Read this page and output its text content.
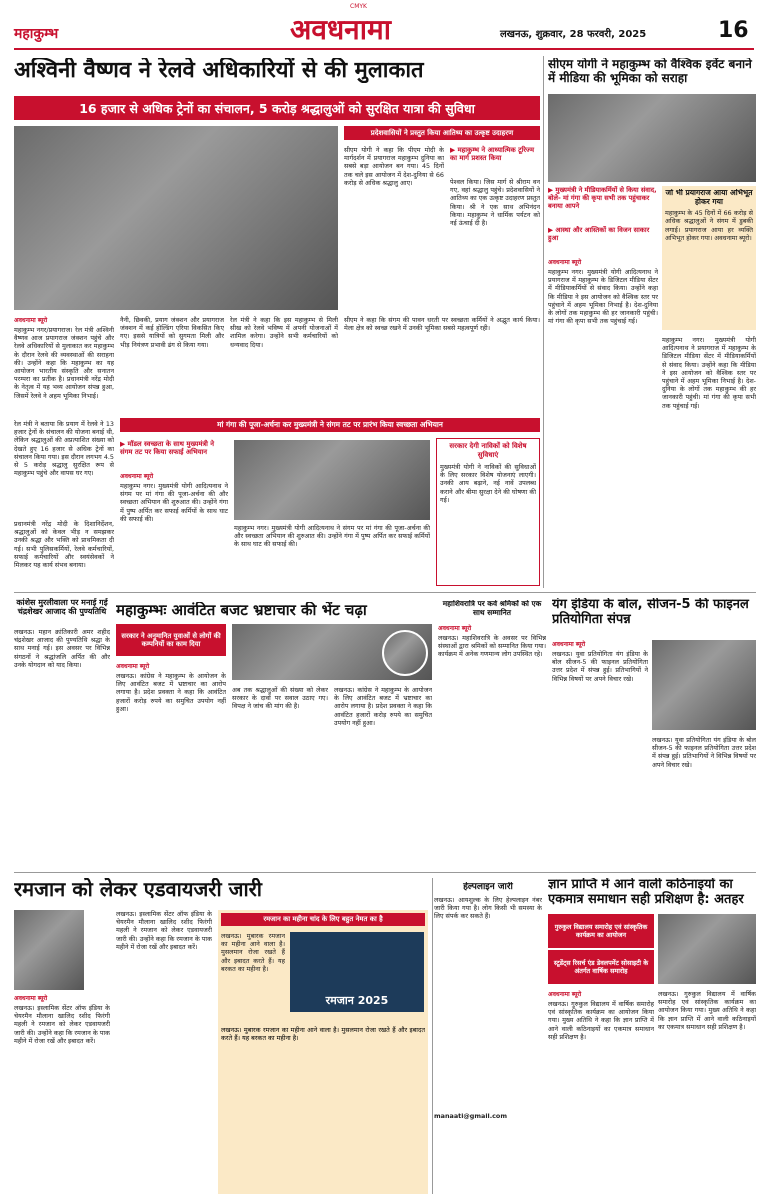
CMYK
महाकुम्भ	अवधनामा	लखनऊ, शुक्रवार, 28 फरवरी, 2025	16
अश्विनी वैष्णव ने रेलवे अधिकारियों से की मुलाकात
16 हजार से अधिक ट्रेनों का संचालन, 5 करोड़ श्रद्धालुओं को सुरक्षित यात्रा की सुविधा
अवधनामा ब्यूरो
प्रदेशवासियों ने प्रस्तुत किया आतिथ्य का उत्कृष्ट उदाहरण
सीएम योगी ने कहा कि पीएम मोदी के मार्गदर्शन में प्रयागराज महाकुम्भ दुनिया का सबसे बड़ा आयोजन बन गया। 45 दिनों तक चले इस आयोजन में देश-दुनिया से 66 करोड़ से अधिक श्रद्धालु आए।
▶ महाकुम्भ ने आध्यात्मिक टूरिज्म का मार्ग प्रशस्त किया
पेश्वल किया। जिस मार्ग से श्रीराम वन गए, वहां श्रद्धालु पहुंचे। प्रदेशवासियों ने आतिथ्य का एक उत्कृष्ट उदाहरण प्रस्तुत किया। श्री ने एक साथ अभिनंदन किया। महाकुम्भ ने धार्मिक पर्यटन को नई ऊंचाई दी है।
महाकुम्भ नगर/प्रयागराज। रेल मंत्री अश्विनी वैष्णव आज प्रयागराज जंक्शन पहुंचे और रेलवे अधिकारियों से मुलाकात कर महाकुम्भ के दौरान रेलवे की व्यवस्थाओं की सराहना की। उन्होंने कहा कि महाकुम्भ का यह आयोजन भारतीय संस्कृति और सनातन परम्परा का प्रतीक है। प्रधानमंत्री नरेंद्र मोदी के नेतृत्व में यह भव्य आयोजन संपन्न हुआ, जिसमें रेलवे ने अहम भूमिका निभाई।
रेल मंत्री ने बताया कि प्रयाग में रेलवे ने 13 हजार ट्रेनों के संचालन की योजना बनाई थी, लेकिन श्रद्धालुओं की अप्रत्याशित संख्या को देखते हुए 16 हजार से अधिक ट्रेनों का संचालन किया गया। इस दौरान लगभग 4.5 से 5 करोड़ श्रद्धालु सुरक्षित रूप से महाकुम्भ पहुंचे और वापस घर गए।
प्रधानमंत्री नरेंद्र मोदी के दिशानिर्देशन, श्रद्धालुओं को केवल भीड़ न समझकर उनकी श्रद्धा और भक्ति को प्राथमिकता दी गई। सभी पुलिसकर्मियों, रेलवे कर्मचारियों, सफाई कर्मचारियों और स्वयंसेवकों ने मिलकर यह कार्य संभव बनाया।
नैनी, छिवकी, प्रयाग जंक्शन और प्रयागराज जंक्शन में कई होल्डिंग एरिया विकसित किए गए। इससे यात्रियों को सुगमता मिली और भीड़ नियंत्रण प्रभावी ढंग से किया गया।
रेल मंत्री ने कहा कि इस महाकुम्भ से मिली सीख को रेलवे भविष्य में अपनी योजनाओं में शामिल करेगा। उन्होंने सभी कर्मचारियों को धन्यवाद दिया।
सीएम ने कहा कि संगम की पावन धरती पर स्वच्छता कर्मियों ने अद्भुत कार्य किया। मेला क्षेत्र को स्वच्छ रखने में उनकी भूमिका सबसे महत्वपूर्ण रही।
मां गंगा की पूजा-अर्चना कर मुख्यमंत्री ने संगम तट पर प्रारंभ किया स्वच्छता अभियान
▶ मॉडल स्वच्छता के साथ मुख्यमंत्री ने संगम तट पर किया सफाई अभियान
अवधनामा ब्यूरो
महाकुम्भ नगर। मुख्यमंत्री योगी आदित्यनाथ ने संगम पर मां गंगा की पूजा-अर्चना की और स्वच्छता अभियान की शुरुआत की। उन्होंने गंगा में पुष्प अर्पित कर सफाई कर्मियों के साथ घाट की सफाई की।
महाकुम्भ नगर। मुख्यमंत्री योगी आदित्यनाथ ने संगम पर मां गंगा की पूजा-अर्चना की और स्वच्छता अभियान की शुरुआत की। उन्होंने गंगा में पुष्प अर्पित कर सफाई कर्मियों के साथ घाट की सफाई की।
सरकार देगी नाविकों को विशेष सुविधाएं
मुख्यमंत्री योगी ने नाविकों की सुविधाओं के लिए सरकार विशेष योजनाएं लाएगी। उनकी आय बढ़ाने, नई नावें उपलब्ध कराने और बीमा सुरक्षा देने की घोषणा की गई।
सीएम योगी ने महाकुम्भ को वैश्विक इवेंट बनाने में मीडिया की भूमिका को सराहा
▶ मुख्यमंत्री ने मीडियाकर्मियों से किया संवाद, बोले- मां गंगा की कृपा सभी तक पहुंचाकर बनाया आपने
▶ आस्था और आस्तिकों का विजन साकार हुआ
जो भी प्रयागराज आया अभिभूत होकर गया
महाकुम्भ के 45 दिनों में 66 करोड़ से अधिक श्रद्धालुओं ने संगम में डुबकी लगाई। प्रयागराज आया हर व्यक्ति अभिभूत होकर गया। अवधनामा ब्यूरो।
अवधनामा ब्यूरो
महाकुम्भ नगर। मुख्यमंत्री योगी आदित्यनाथ ने प्रयागराज में महाकुम्भ के डिजिटल मीडिया सेंटर में मीडियाकर्मियों से संवाद किया। उन्होंने कहा कि मीडिया ने इस आयोजन को वैश्विक स्तर पर पहुंचाने में अहम भूमिका निभाई है। देश-दुनिया के लोगों तक महाकुम्भ की हर जानकारी पहुंची। मां गंगा की कृपा सभी तक पहुंचाई गई।
महाकुम्भ नगर। मुख्यमंत्री योगी आदित्यनाथ ने प्रयागराज में महाकुम्भ के डिजिटल मीडिया सेंटर में मीडियाकर्मियों से संवाद किया। उन्होंने कहा कि मीडिया ने इस आयोजन को वैश्विक स्तर पर पहुंचाने में अहम भूमिका निभाई है। देश-दुनिया के लोगों तक महाकुम्भ की हर जानकारी पहुंची। मां गंगा की कृपा सभी तक पहुंचाई गई।
कांशेस मुरलीवाला पर मनाई गई चंद्रशेखर आजाद की पुण्यतिथि
लखनऊ। महान क्रांतिकारी अमर शहीद चंद्रशेखर आजाद की पुण्यतिथि श्रद्धा के साथ मनाई गई। इस अवसर पर विभिन्न संगठनों ने श्रद्धांजलि अर्पित की और उनके योगदान को याद किया।
महाकुम्भः आवंटित बजट भ्रष्टाचार की भेंट चढ़ा
सरकार ने अनुमानित युवाओं से लोगों की कम्पनियों का काम दिया
अवधनामा ब्यूरो
लखनऊ। कांग्रेस ने महाकुम्भ के आयोजन के लिए आवंटित बजट में भ्रष्टाचार का आरोप लगाया है। प्रदेश प्रवक्ता ने कहा कि आवंटित हजारों करोड़ रुपये का समुचित उपयोग नहीं हुआ।
अब तक श्रद्धालुओं की संख्या को लेकर सरकार के दावों पर सवाल उठाए गए। विपक्ष ने जांच की मांग की है।
लखनऊ। कांग्रेस ने महाकुम्भ के आयोजन के लिए आवंटित बजट में भ्रष्टाचार का आरोप लगाया है। प्रदेश प्रवक्ता ने कहा कि आवंटित हजारों करोड़ रुपये का समुचित उपयोग नहीं हुआ।
महाशिवरात्रि पर कर्व श्रमिकों को एक साथ सम्मानित
अवधनामा ब्यूरो
लखनऊ। महाशिवरात्रि के अवसर पर विभिन्न संस्थाओं द्वारा श्रमिकों को सम्मानित किया गया। कार्यक्रम में अनेक गणमान्य लोग उपस्थित रहे।
यंग इंडिया के बोल, सीजन-5 की फाइनल प्रतियोगिता संपन्न
अवधनामा ब्यूरो
लखनऊ। युवा प्रतियोगिता यंग इंडिया के बोल सीजन-5 की फाइनल प्रतियोगिता उत्तर प्रदेश में संपन्न हुई। प्रतिभागियों ने विभिन्न विषयों पर अपने विचार रखे।
लखनऊ। युवा प्रतियोगिता यंग इंडिया के बोल सीजन-5 की फाइनल प्रतियोगिता उत्तर प्रदेश में संपन्न हुई। प्रतिभागियों ने विभिन्न विषयों पर अपने विचार रखे।
रमजान को लेकर एडवायजरी जारी
अवधनामा ब्यूरो
लखनऊ। इस्लामिक सेंटर ऑफ इंडिया के चेयरमैन मौलाना खालिद रशीद फिरंगी महली ने रमजान को लेकर एडवायजरी जारी की। उन्होंने कहा कि रमजान के पाक महीने में रोजा रखें और इबादत करें।
लखनऊ। इस्लामिक सेंटर ऑफ इंडिया के चेयरमैन मौलाना खालिद रशीद फिरंगी महली ने रमजान को लेकर एडवायजरी जारी की। उन्होंने कहा कि रमजान के पाक महीने में रोजा रखें और इबादत करें।
रमजान का महीना चांद के लिए बहुत नेमत का है
लखनऊ। मुबारक रमजान का महीना आने वाला है। मुसलमान रोजा रखते हैं और इबादत करते हैं। यह बरकत का महीना है।
रमजान 2025
लखनऊ। मुबारक रमजान का महीना आने वाला है। मुसलमान रोजा रखते हैं और इबादत करते हैं। यह बरकत का महीना है।
हेल्पलाइन जारी
लखनऊ। आयशुल्क के लिए हेल्पलाइन नंबर जारी किया गया है। लोग किसी भी समस्या के लिए संपर्क कर सकते हैं।
manaati@gmail.com
ज्ञान प्राप्ति में आने वाली कठिनाइयों का एकमात्र समाधान सही प्रशिक्षण है: अतहर
गुरुकुल विद्यालय समारोह एवं सांस्कृतिक कार्यक्रम का आयोजन
स्टूडेंट्स रिसर्च एंड डेवलपमेंट सोसाइटी के अंतर्गत वार्षिक समारोह
अवधनामा ब्यूरो
लखनऊ। गुरुकुल विद्यालय में वार्षिक समारोह एवं सांस्कृतिक कार्यक्रम का आयोजन किया गया। मुख्य अतिथि ने कहा कि ज्ञान प्राप्ति में आने वाली कठिनाइयों का एकमात्र समाधान सही प्रशिक्षण है।
लखनऊ। गुरुकुल विद्यालय में वार्षिक समारोह एवं सांस्कृतिक कार्यक्रम का आयोजन किया गया। मुख्य अतिथि ने कहा कि ज्ञान प्राप्ति में आने वाली कठिनाइयों का एकमात्र समाधान सही प्रशिक्षण है।
